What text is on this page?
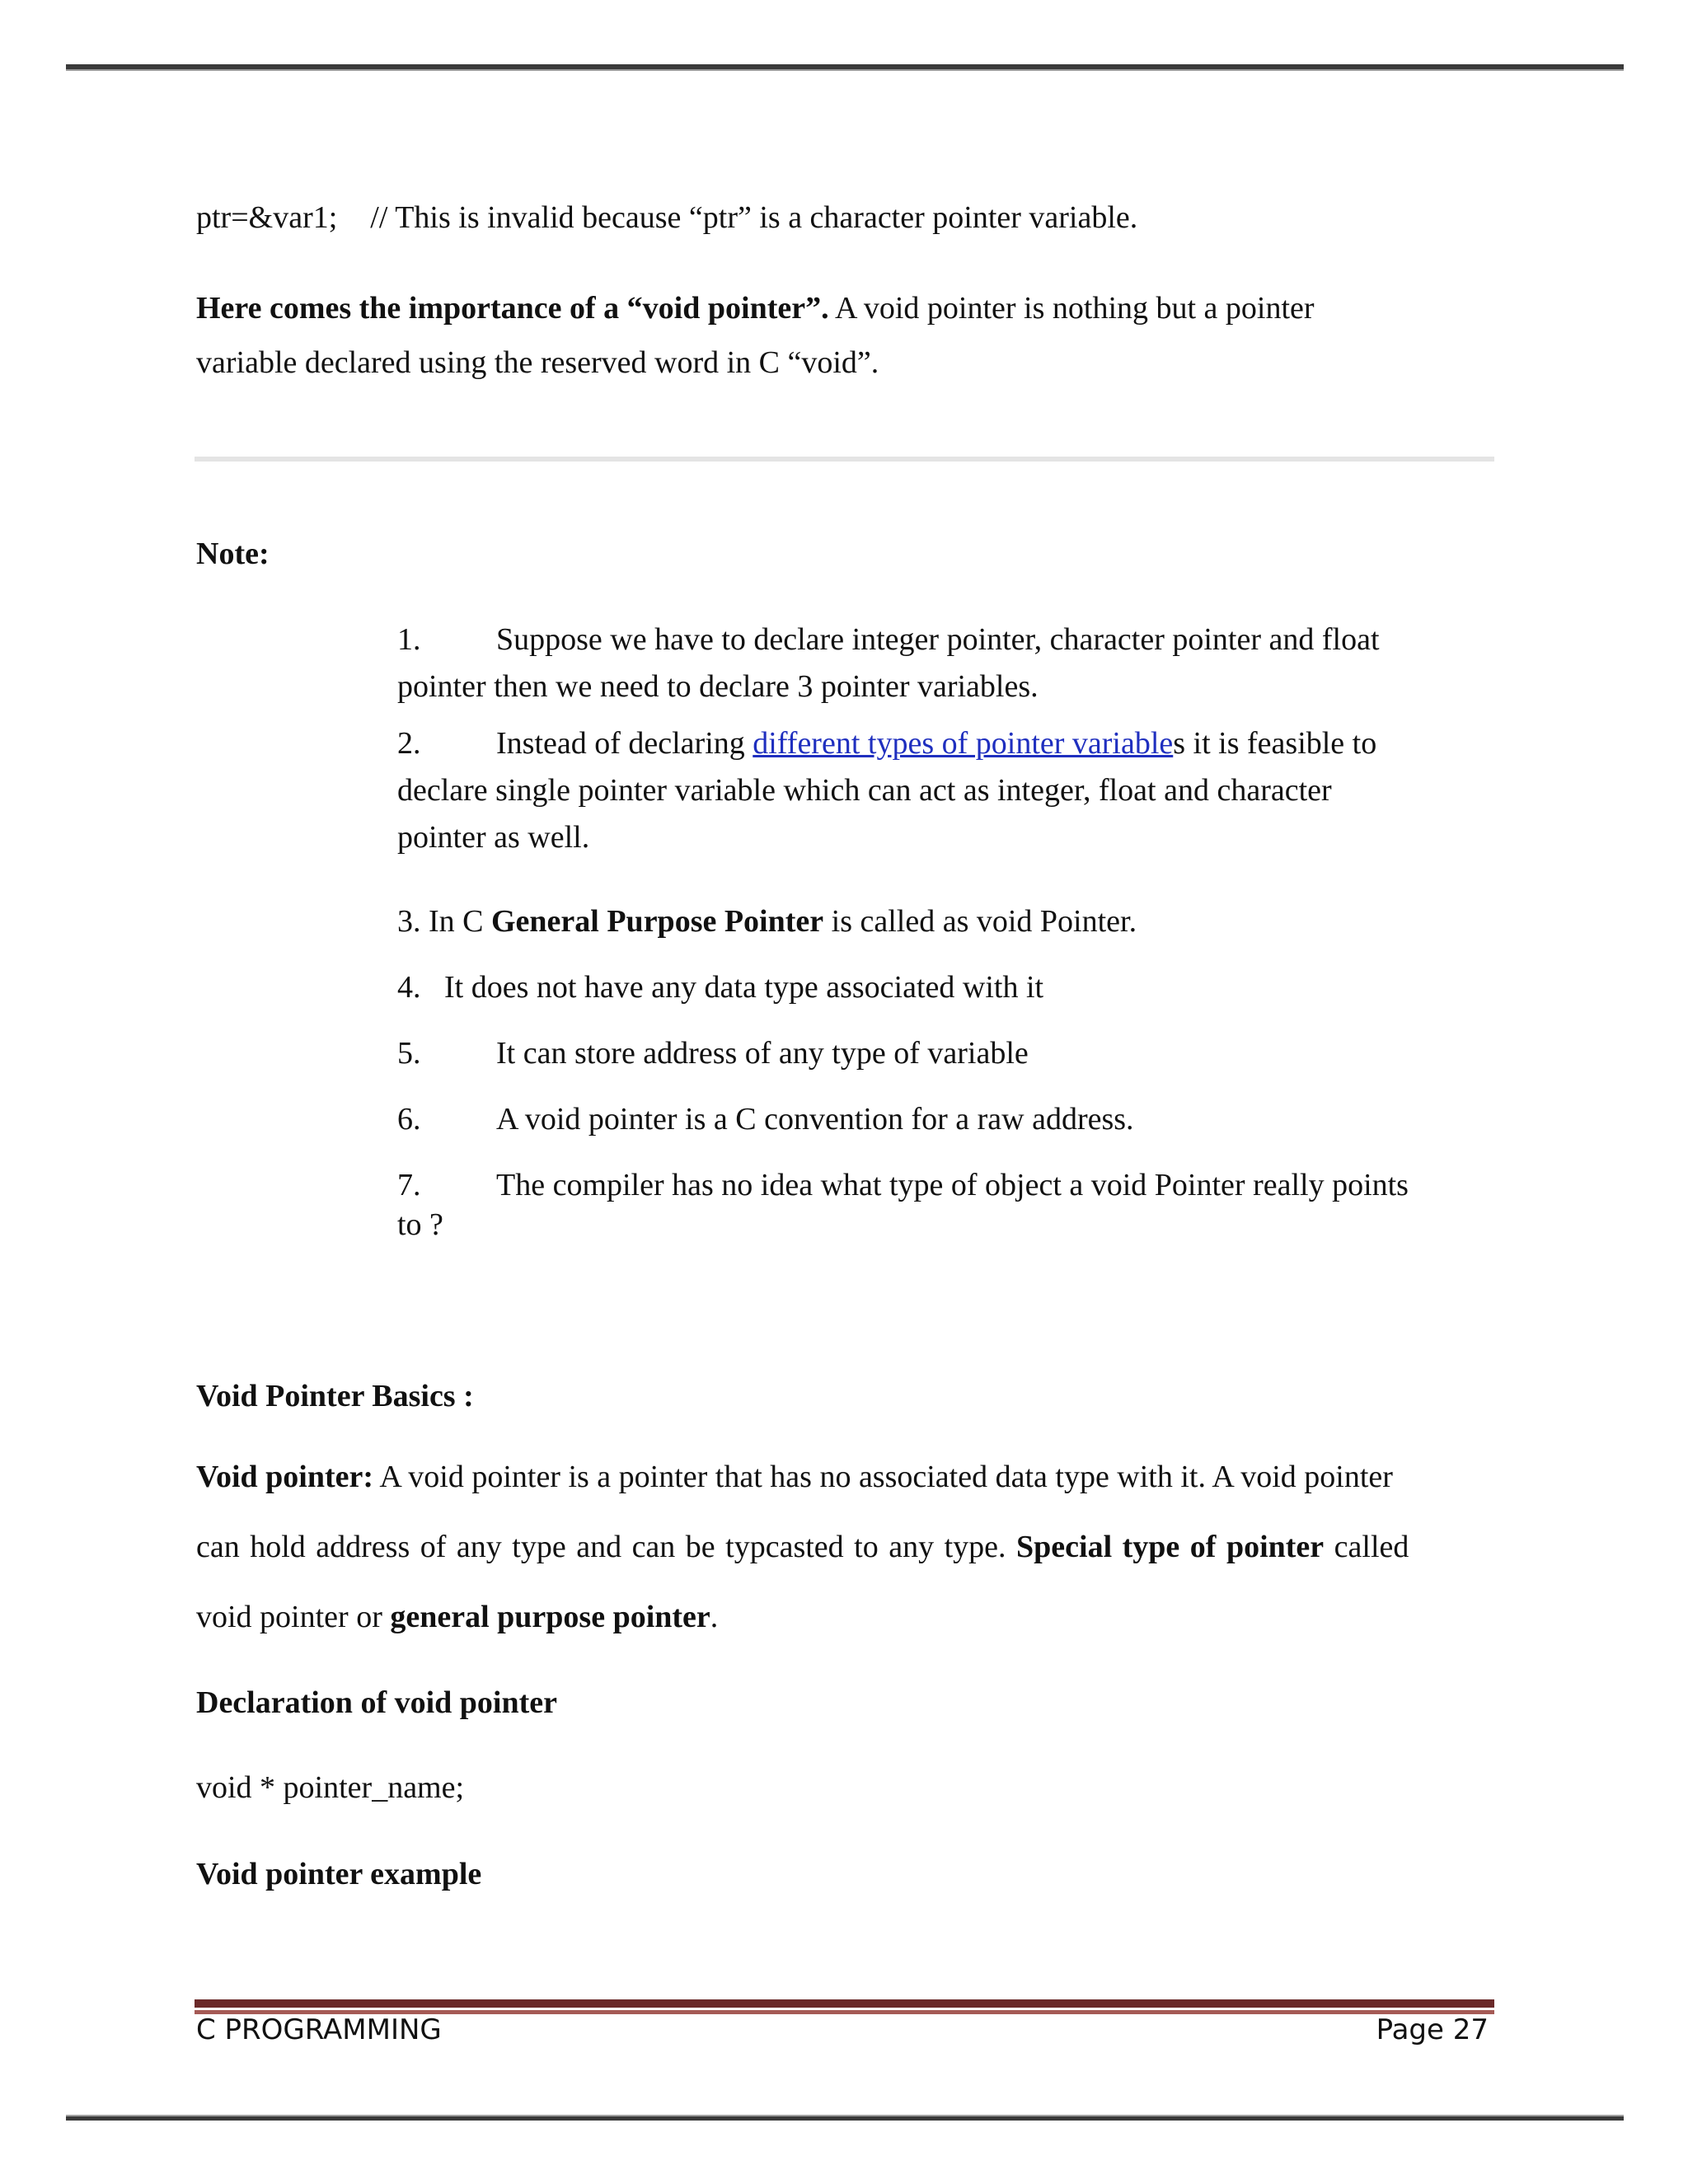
ptr=&var1; // This is invalid because “ptr” is a character pointer variable.
Here comes the importance of a “void pointer”. A void pointer is nothing but a pointer
variable declared using the reserved word in C “void”.
Note:
1. Suppose we have to declare integer pointer, character pointer and float
pointer then we need to declare 3 pointer variables.
2. Instead of declaring different types of pointer variables it is feasible to
declare single pointer variable which can act as integer, float and character
pointer as well.
3. In C General Purpose Pointer is called as void Pointer.
4.   It does not have any data type associated with it
5. It can store address of any type of variable
6. A void pointer is a C convention for a raw address.
7. The compiler has no idea what type of object a void Pointer really points
to ?
Void Pointer Basics :
Void pointer: A void pointer is a pointer that has no associated data type with it. A void pointer
can hold address of any type and can be typcasted to any type. Special type of pointer called
void pointer or general purpose pointer.
Declaration of void pointer
void * pointer_name;
Void pointer example
C PROGRAMMING	Page 27
